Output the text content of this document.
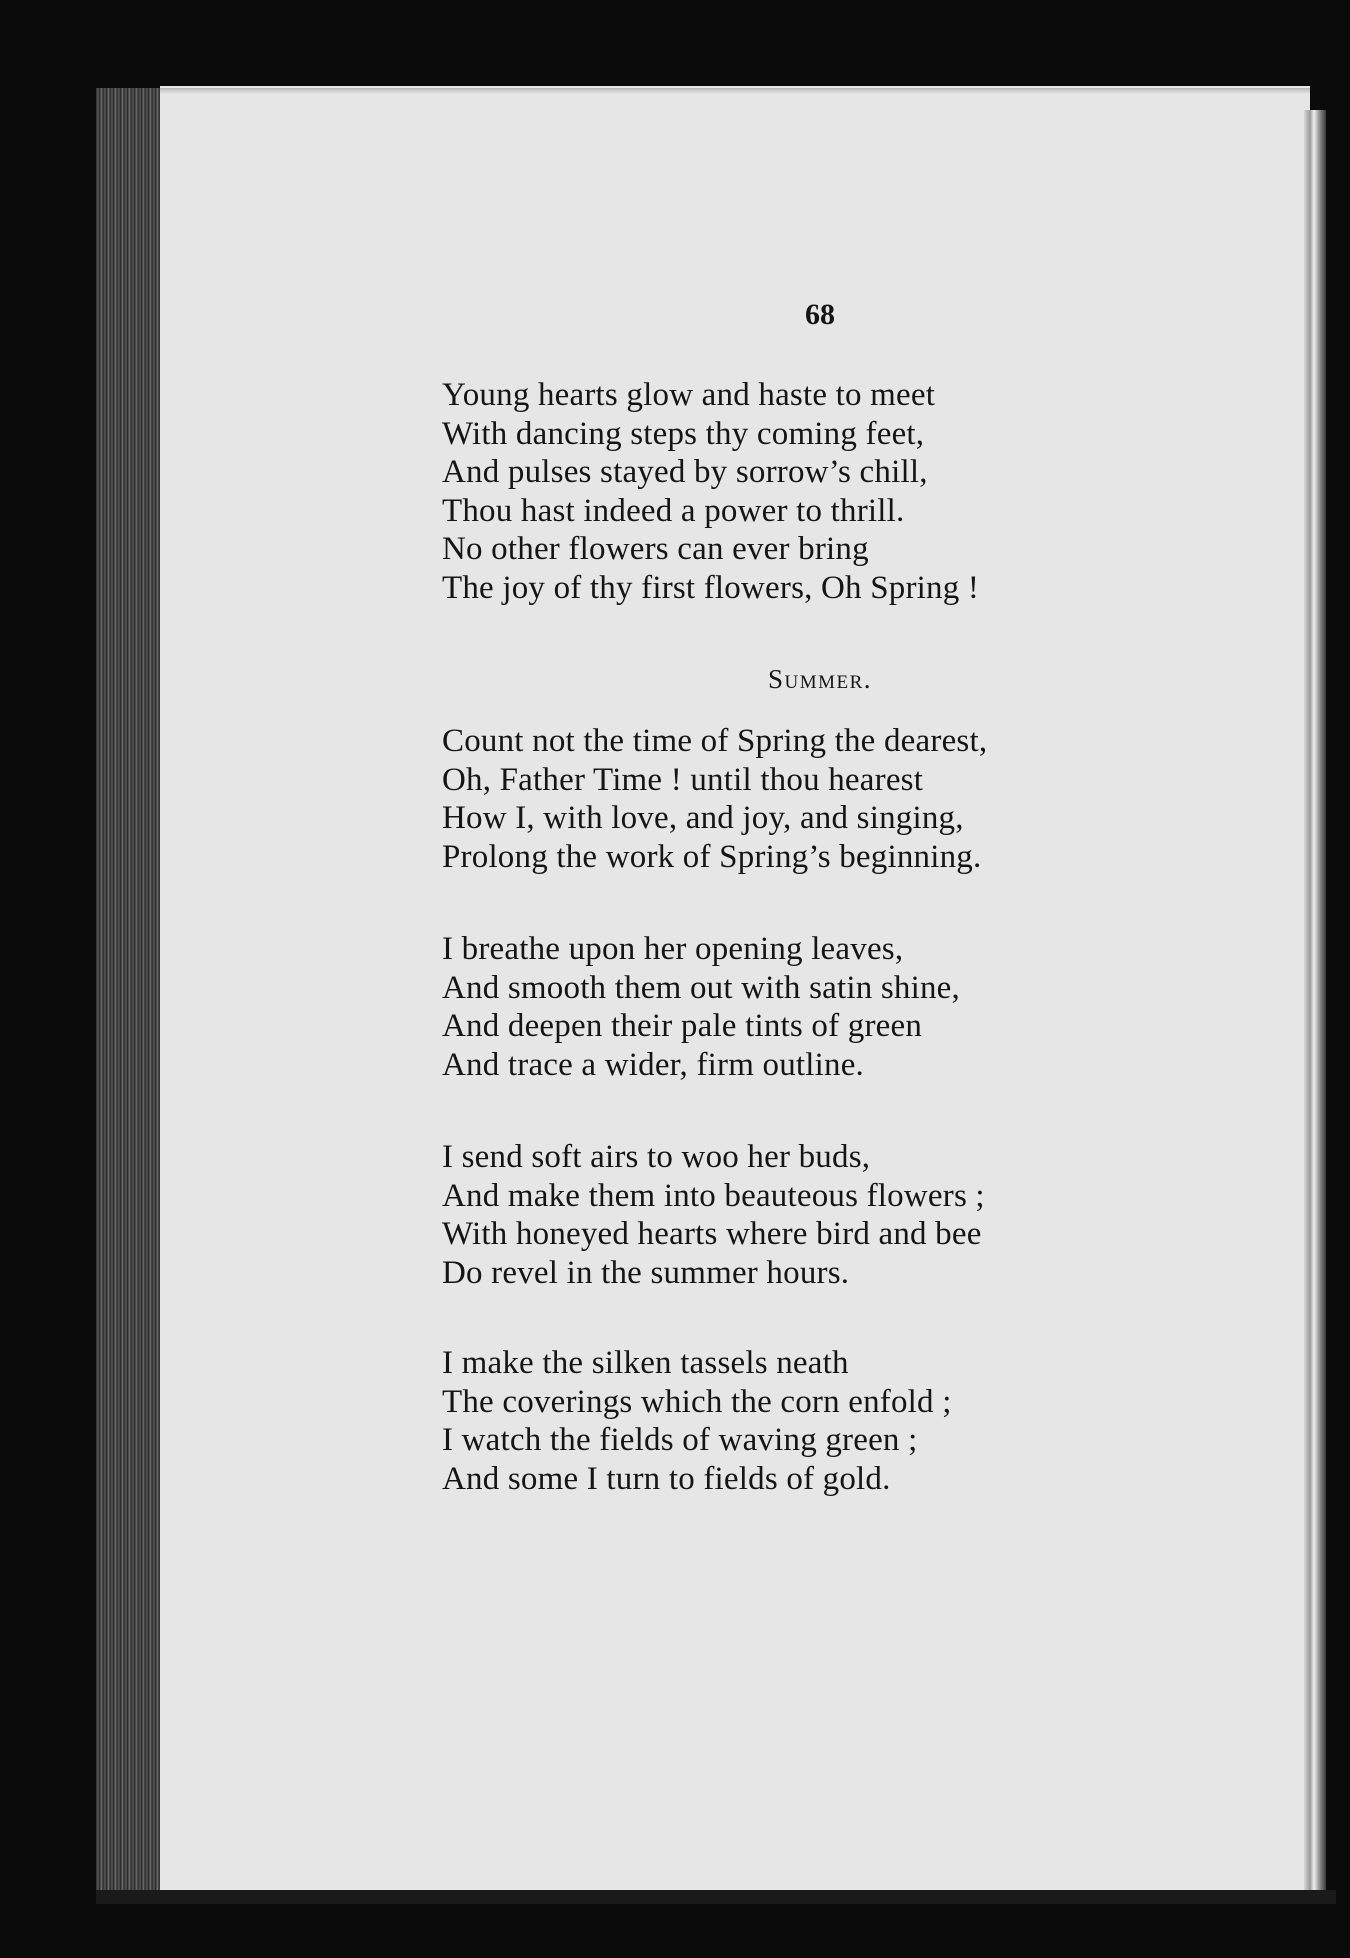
68
Young hearts glow and haste to meet
With dancing steps thy coming feet,
And pulses stayed by sorrow’s chill,
Thou hast indeed a power to thrill.
No other flowers can ever bring
The joy of thy first flowers, Oh Spring !
Summer.
Count not the time of Spring the dearest,
Oh, Father Time ! until thou hearest
How I, with love, and joy, and singing,
Prolong the work of Spring’s beginning.
I breathe upon her opening leaves,
And smooth them out with satin shine,
And deepen their pale tints of green
And trace a wider, firm outline.
I send soft airs to woo her buds,
And make them into beauteous flowers ;
With honeyed hearts where bird and bee
Do revel in the summer hours.
I make the silken tassels neath
The coverings which the corn enfold ;
I watch the fields of waving green ;
And some I turn to fields of gold.
